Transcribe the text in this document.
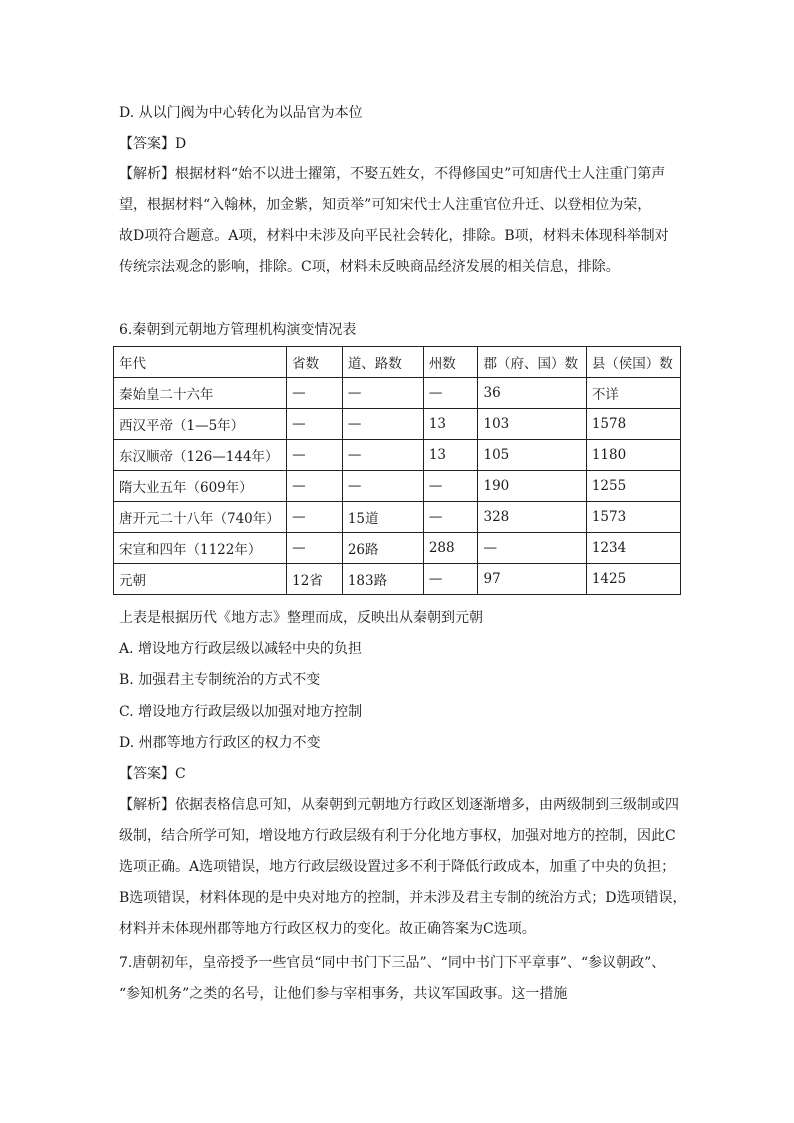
D. 从以门阀为中心转化为以品官为本位
【答案】D
【解析】根据材料“始不以进士擢第，不娶五姓女，不得修国史”可知唐代士人注重门第声
望，根据材料“入翰林，加金紫，知贡举”可知宋代士人注重官位升迁、以登相位为荣，
故D项符合题意。A项，材料中未涉及向平民社会转化，排除。B项，材料未体现科举制对
传统宗法观念的影响，排除。C项，材料未反映商品经济发展的相关信息，排除。
6.秦朝到元朝地方管理机构演变情况表
年代	省数	道、路数	州数	郡（府、国）数	县（侯国）数
秦始皇二十六年	—	—	—	36	不详
西汉平帝（1—5年）	—	—	13	103	1578
东汉顺帝（126—144年）	—	—	13	105	1180
隋大业五年（609年）	—	—	—	190	1255
唐开元二十八年（740年）	—	15道	—	328	1573
宋宣和四年（1122年）	—	26路	288	—	1234
元朝	12省	183路	—	97	1425
上表是根据历代《地方志》整理而成，反映出从秦朝到元朝
A. 增设地方行政层级以减轻中央的负担
B. 加强君主专制统治的方式不变
C. 增设地方行政层级以加强对地方控制
D. 州郡等地方行政区的权力不变
【答案】C
【解析】依据表格信息可知，从秦朝到元朝地方行政区划逐渐增多，由两级制到三级制或四
级制，结合所学可知，增设地方行政层级有利于分化地方事权，加强对地方的控制，因此C
选项正确。A选项错误，地方行政层级设置过多不利于降低行政成本，加重了中央的负担；
B选项错误，材料体现的是中央对地方的控制，并未涉及君主专制的统治方式；D选项错误，
材料并未体现州郡等地方行政区权力的变化。故正确答案为C选项。
7.唐朝初年，皇帝授予一些官员“同中书门下三品”、“同中书门下平章事”、“参议朝政”、
“参知机务”之类的名号，让他们参与宰相事务，共议军国政事。这一措施
